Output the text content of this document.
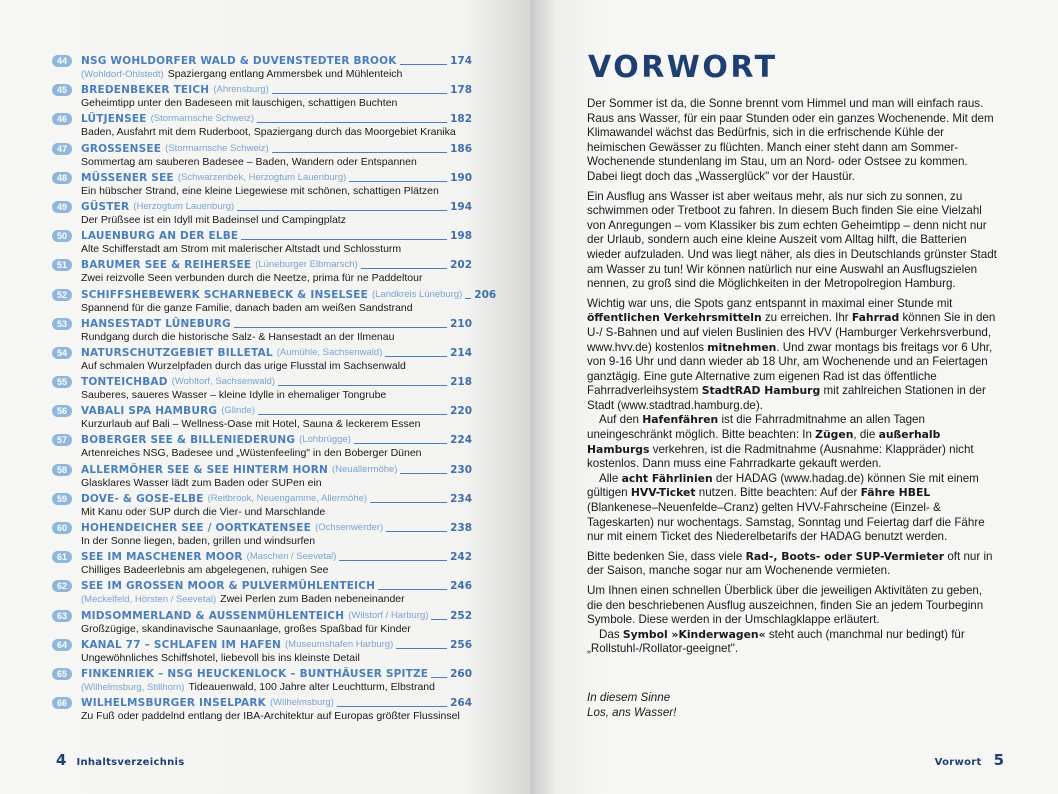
44	NSG WOHLDORFER WALD & DUVENSTEDTER BROOK	174
(Wohldorf-Ohlstedt) Spaziergang entlang Ammersbek und Mühlenteich
45	BREDENBEKER TEICH (Ahrensburg)	178
Geheimtipp unter den Badeseen mit lauschigen, schattigen Buchten
46	LÜTJENSEE (Stormarnsche Schweiz)	182
Baden, Ausfahrt mit dem Ruderboot, Spaziergang durch das Moorgebiet Kranika
47	GROSSENSEE (Stormarnsche Schweiz)	186
Sommertag am sauberen Badesee – Baden, Wandern oder Entspannen
48	MÜSSENER SEE (Schwarzenbek, Herzogtum Lauenburg)	190
Ein hübscher Strand, eine kleine Liegewiese mit schönen, schattigen Plätzen
49	GÜSTER (Herzogtum Lauenburg)	194
Der Prüßsee ist ein Idyll mit Badeinsel und Campingplatz
50	LAUENBURG AN DER ELBE	198
Alte Schifferstadt am Strom mit malerischer Altstadt und Schlossturm
51	BARUMER SEE & REIHERSEE (Lüneburger Elbmarsch)	202
Zwei reizvolle Seen verbunden durch die Neetze, prima für ne Paddeltour
52	SCHIFFSHEBEWERK SCHARNEBECK & INSELSEE (Landkreis Lüneburg) 206
Spannend für die ganze Familie, danach baden am weißen Sandstrand
53	HANSESTADT LÜNEBURG	210
Rundgang durch die historische Salz- & Hansestadt an der Ilmenau
54	NATURSCHUTZGEBIET BILLETAL (Aumühle, Sachsenwald)	214
Auf schmalen Wurzelpfaden durch das urige Flusstal im Sachsenwald
55	TONTEICHBAD (Wohltorf, Sachsenwald)	218
Sauberes, saueres Wasser – kleine Idylle in ehemaliger Tongrube
56	VABALI SPA HAMBURG (Glinde)	220
Kurzurlaub auf Bali – Wellness-Oase mit Hotel, Sauna & leckerem Essen
57	BOBERGER SEE & BILLENIEDERUNG (Lohbrügge)	224
Artenreiches NSG, Badesee und „Wüstenfeeling" in den Boberger Dünen
58	ALLERMÖHER SEE & SEE HINTERM HORN (Neuallermöhe)	230
Glasklares Wasser lädt zum Baden oder SUPen ein
59	DOVE- & GOSE-ELBE (Reitbrook, Neuengamme, Allermöhe)	234
Mit Kanu oder SUP durch die Vier- und Marschlande
60	HOHENDEICHER SEE / OORTKATENSEE (Ochsenwerder)	238
In der Sonne liegen, baden, grillen und windsurfen
61	SEE IM MASCHENER MOOR (Maschen / Seevetal)	242
Chilliges Badeerlebnis am abgelegenen, ruhigen See
62	SEE IM GROSSEN MOOR & PULVERMÜHLENTEICH	246
(Meckelfeld, Hörsten / Seevetal) Zwei Perlen zum Baden nebeneinander
63	MIDSOMMERLAND & AUSSENMÜHLENTEICH (Wilstorf / Harburg) 252
Großzügige, skandinavische Saunaanlage, großes Spaßbad für Kinder
64	KANAL 77 – SCHLAFEN IM HAFEN (Museumshafen Harburg)	256
Ungewöhnliches Schiffshotel, liebevoll bis ins kleinste Detail
65	FINKENRIEK – NSG HEUCKENLOCK – BUNTHÄUSER SPITZE 260
(Wilhelmsburg, Stillhorn) Tideauenwald, 100 Jahre alter Leuchtturm, Elbstrand
66	WILHELMSBURGER INSELPARK (Wilhelmsburg)	264
Zu Fuß oder paddelnd entlang der IBA-Architektur auf Europas größter Flussinsel
4 Inhaltsverzeichnis
VORWORT

Der Sommer ist da, die Sonne brennt vom Himmel und man will einfach raus. Raus ans Wasser, für ein paar Stunden oder ein ganzes Wochenende. Mit dem Klimawandel wächst das Bedürfnis, sich in die erfrischende Kühle der heimischen Gewässer zu flüchten. Manch einer steht dann am Sommer-Wochenende stundenlang im Stau, um an Nord- oder Ostsee zu kommen. Dabei liegt doch das „Wasserglück" vor der Haustür.

Ein Ausflug ans Wasser ist aber weitaus mehr, als nur sich zu sonnen, zu schwimmen oder Tretboot zu fahren. In diesem Buch finden Sie eine Vielzahl von Anregungen – vom Klassiker bis zum echten Geheimtipp – denn nicht nur der Urlaub, sondern auch eine kleine Auszeit vom Alltag hilft, die Batterien wieder aufzuladen. Und was liegt näher, als dies in Deutschlands grünster Stadt am Wasser zu tun! Wir können natürlich nur eine Auswahl an Ausflugszielen nennen, zu groß sind die Möglichkeiten in der Metropolregion Hamburg.

Wichtig war uns, die Spots ganz entspannt in maximal einer Stunde mit öffentlichen Verkehrsmitteln zu erreichen. Ihr Fahrrad können Sie in den U-/ S-Bahnen und auf vielen Buslinien des HVV (Hamburger Verkehrsverbund, www.hvv.de) kostenlos mitnehmen. Und zwar montags bis freitags vor 6 Uhr, von 9-16 Uhr und dann wieder ab 18 Uhr, am Wochenende und an Feiertagen ganztägig. Eine gute Alternative zum eigenen Rad ist das öffentliche Fahrradverleihsystem StadtRAD Hamburg mit zahlreichen Stationen in der Stadt (www.stadtrad.hamburg.de).

Auf den Hafenfähren ist die Fahrradmitnahme an allen Tagen uneingeschränkt möglich. Bitte beachten: In Zügen, die außerhalb Hamburgs verkehren, ist die Radmitnahme (Ausnahme: Klappräder) nicht kostenlos. Dann muss eine Fahrradkarte gekauft werden.

Alle acht Fährlinien der HADAG (www.hadag.de) können Sie mit einem gültigen HVV-Ticket nutzen. Bitte beachten: Auf der Fähre HBEL (Blankenese–Neuenfelde–Cranz) gelten HVV-Fahrscheine (Einzel- & Tageskarten) nur wochentags. Samstag, Sonntag und Feiertag darf die Fähre nur mit einem Ticket des Niederelbetarifs der HADAG benutzt werden.

Bitte bedenken Sie, dass viele Rad-, Boots- oder SUP-Vermieter oft nur in der Saison, manche sogar nur am Wochenende vermieten.

Um Ihnen einen schnellen Überblick über die jeweiligen Aktivitäten zu geben, die den beschriebenen Ausflug auszeichnen, finden Sie an jedem Tourbeginn Symbole. Diese werden in der Umschlagklappe erläutert.

Das Symbol »Kinderwagen« steht auch (manchmal nur bedingt) für „Rollstuhl-/Rollator-geeignet".

In diesem Sinne
Los, ans Wasser!
Vorwort 5
